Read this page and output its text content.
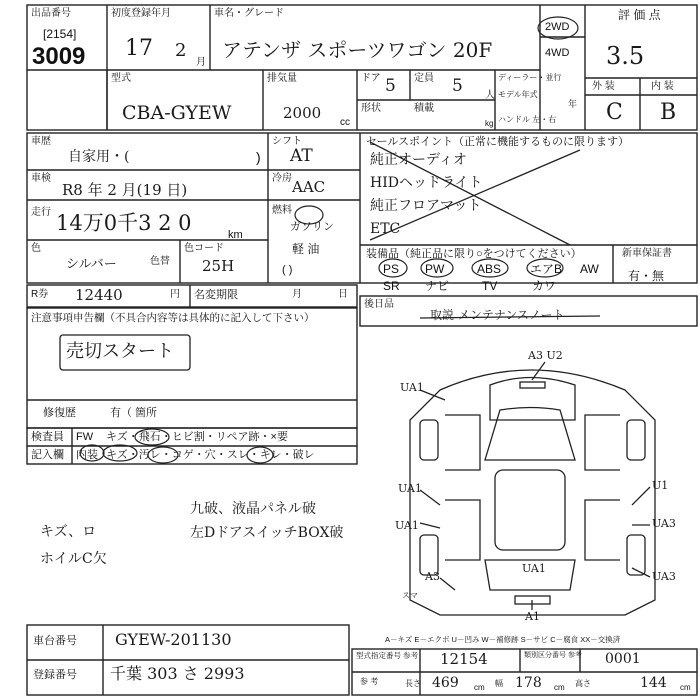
出品番号
[2154]
3009
初度登録年月
17 2
月
車名・グレード
アテンザ スポーツワゴン 20F
2WD
4WD
評 価 点
3.5
外 装	内 装
C B
型式
CBA-GYEW
排気量
2000
cc
ドア 5 定員 5 人
ディーラー・並行
モデル年式
年
形状	積載
kg ハンドル 左・右
車歴
自家用・(	)
車検
R8 年 2 月(19 日)
走行 14万0千3 2 0	km
色
シルバー	色替
色コード
25H
R券 12440	円 名変期限	月	日
シフト
AT
冷房 AAC
燃料
ガソリン
軽 油
( )
セールスポイント（正常に機能するものに限ります）
純正オーディオ
HIDヘッドライト
純正フロアマット
ETC
装備品（純正品に限り○をつけてください）
PS PW	ABS エアB AW
SR ナビ	TV	カワ
新車保証書
有・無
後日品
取説 メンテナンスノート
注意事項申告欄（不具合内容等は具体的に記入して下さい）
売切スタート
修復歴	有（ 箇所
検査員
記入欄
FW キズ・飛石・ヒビ割・リペア跡・×要
内装 キズ・汚レ・コゲ・穴・スレ・キレ・破レ
九破、液晶パネル破
左DドアスイッチBOX破
キズ、ロ
ホイルC欠
A3 U2
UA1
UA1	U1
UA1	UA3
UA3
A3
UA1
A1
スマ
A－キズ E－エクボ U－凹み W－補修跡 S－サビ C－腐食 XX－交換済
車台番号 GYEW-201130
登録番号 千葉 303 さ 2993
型式指定番号 参考 12154	類別区分番号 参考 0001
参 考	長さ 469 cm 幅 178 cm 高さ	144 cm
